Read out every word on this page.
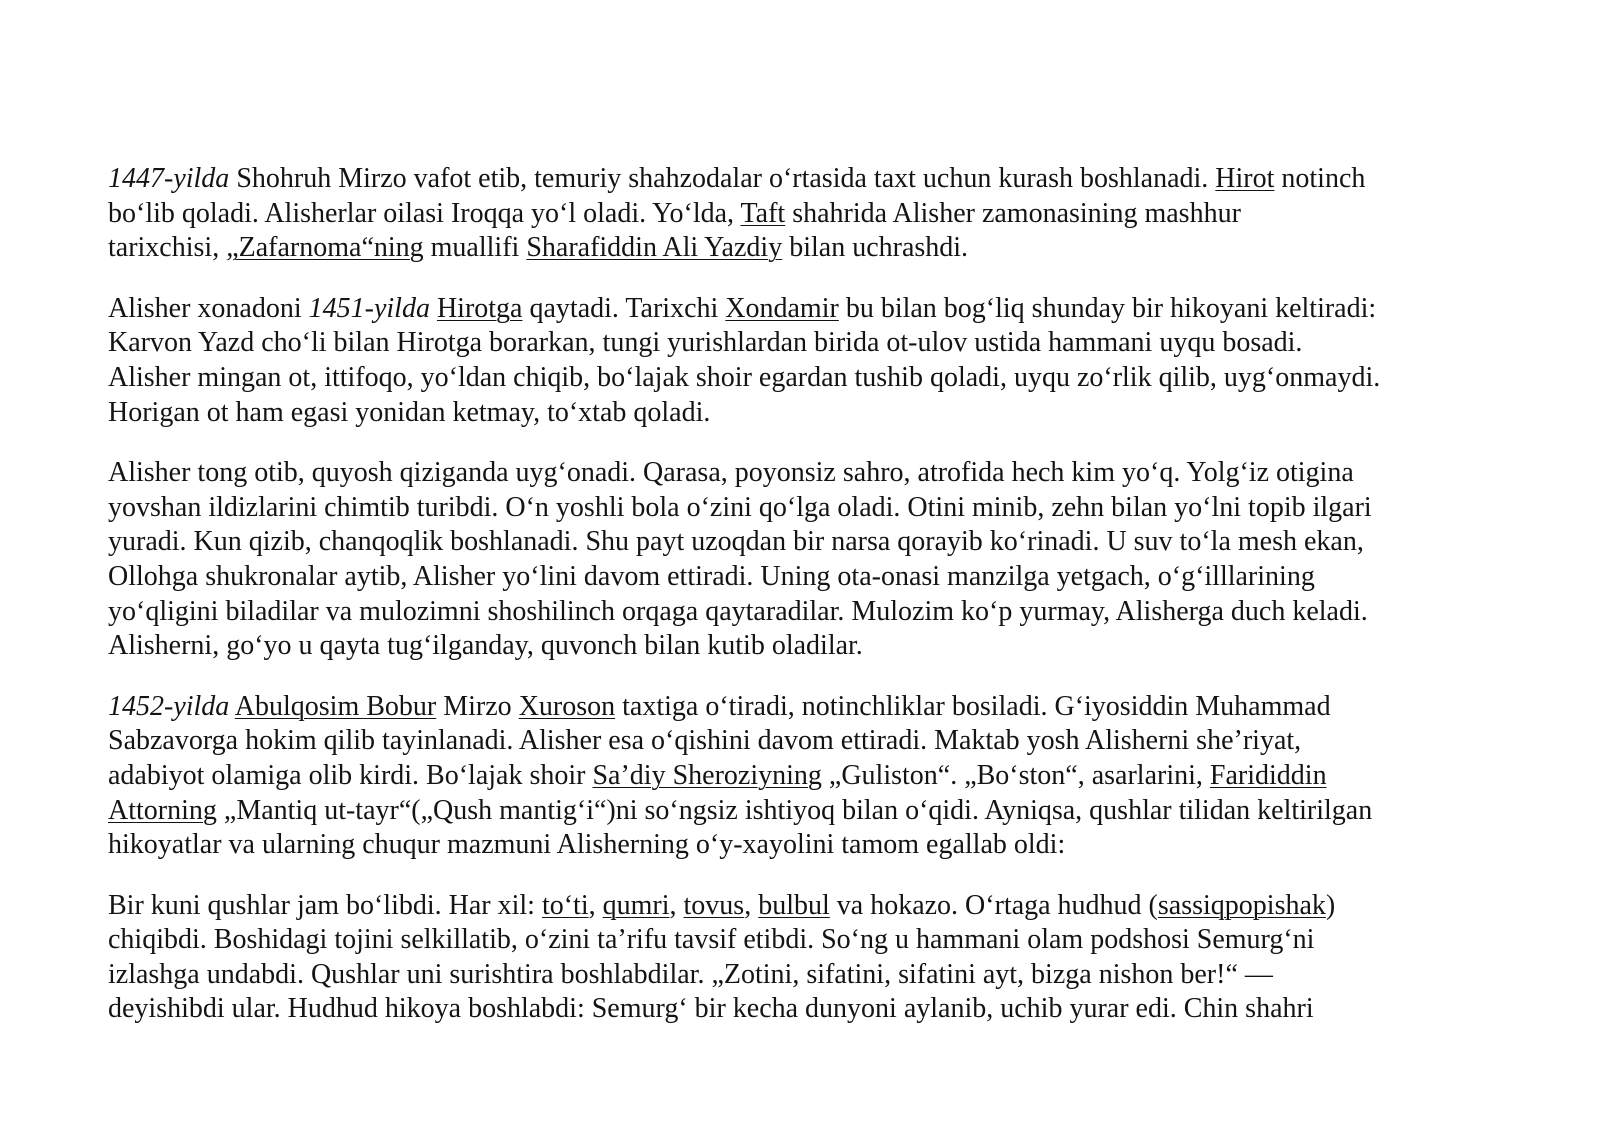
1447-yilda Shohruh Mirzo vafot etib, temuriy shahzodalar o‘rtasida taxt uchun kurash boshlanadi. Hirot notinch
bo‘lib qoladi. Alisherlar oilasi Iroqqa yo‘l oladi. Yo‘lda, Taft shahrida Alisher zamonasining mashhur
tarixchisi, „Zafarnoma“ning muallifi Sharafiddin Ali Yazdiy bilan uchrashdi.

Alisher xonadoni 1451-yilda Hirotga qaytadi. Tarixchi Xondamir bu bilan bog‘liq shunday bir hikoyani keltiradi:
Karvon Yazd cho‘li bilan Hirotga borarkan, tungi yurishlardan birida ot-ulov ustida hammani uyqu bosadi.
Alisher mingan ot, ittifoqo, yo‘ldan chiqib, bo‘lajak shoir egardan tushib qoladi, uyqu zo‘rlik qilib, uyg‘onmaydi.
Horigan ot ham egasi yonidan ketmay, to‘xtab qoladi.

Alisher tong otib, quyosh qiziganda uyg‘onadi. Qarasa, poyonsiz sahro, atrofida hech kim yo‘q. Yolg‘iz otigina
yovshan ildizlarini chimtib turibdi. O‘n yoshli bola o‘zini qo‘lga oladi. Otini minib, zehn bilan yo‘lni topib ilgari
yuradi. Kun qizib, chanqoqlik boshlanadi. Shu payt uzoqdan bir narsa qorayib ko‘rinadi. U suv to‘la mesh ekan,
Ollohga shukronalar aytib, Alisher yo‘lini davom ettiradi. Uning ota-onasi manzilga yetgach, o‘g‘illlarining
yo‘qligini biladilar va mulozimni shoshilinch orqaga qaytaradilar. Mulozim ko‘p yurmay, Alisherga duch keladi.
Alisherni, go‘yo u qayta tug‘ilganday, quvonch bilan kutib oladilar.

1452-yilda Abulqosim Bobur Mirzo Xuroson taxtiga o‘tiradi, notinchliklar bosiladi. G‘iyosiddin Muhammad
Sabzavorga hokim qilib tayinlanadi. Alisher esa o‘qishini davom ettiradi. Maktab yosh Alisherni she’riyat,
adabiyot olamiga olib kirdi. Bo‘lajak shoir Sa’diy Sheroziyning „Guliston“. „Bo‘ston“, asarlarini, Farididdin
Attorning „Mantiq ut-tayr“(„Qush mantig‘i“)ni so‘ngsiz ishtiyoq bilan o‘qidi. Ayniqsa, qushlar tilidan keltirilgan
hikoyatlar va ularning chuqur mazmuni Alisherning o‘y-xayolini tamom egallab oldi:

Bir kuni qushlar jam bo‘libdi. Har xil: to‘ti, qumri, tovus, bulbul va hokazo. O‘rtaga hudhud (sassiqpopishak)
chiqibdi. Boshidagi tojini selkillatib, o‘zini ta’rifu tavsif etibdi. So‘ng u hammani olam podshosi Semurg‘ni
izlashga undabdi. Qushlar uni surishtira boshlabdilar. „Zotini, sifatini, sifatini ayt, bizga nishon ber!“ —
deyishibdi ular. Hudhud hikoya boshlabdi: Semurg‘ bir kecha dunyoni aylanib, uchib yurar edi. Chin shahri
